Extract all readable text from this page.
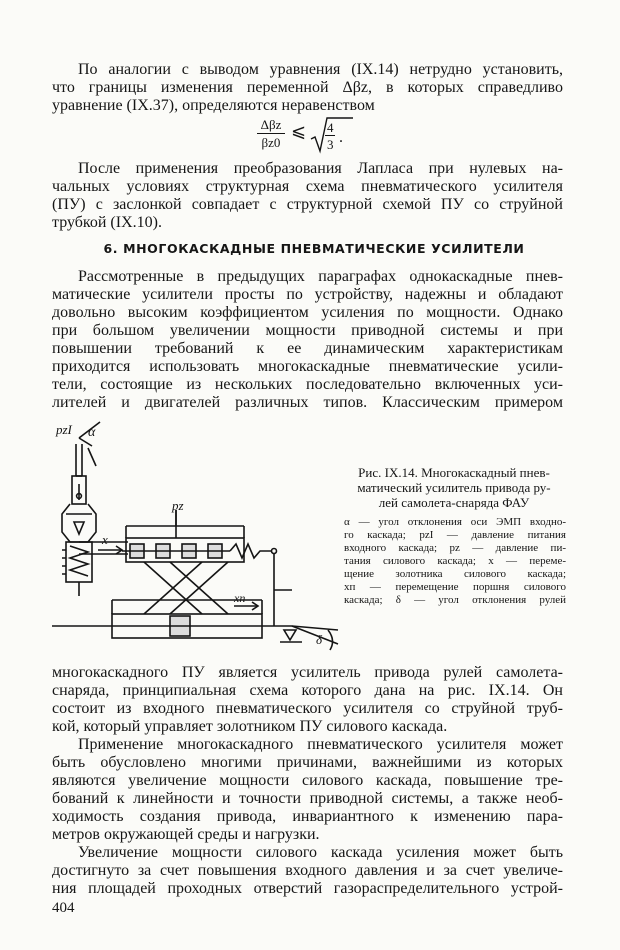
По аналогии с выводом уравнения (IX.14) нетрудно установить,
что границы изменения переменной Δβz, в которых справедливо
уравнение (IX.37), определяются неравенством
Δβz
βz0
⩽ 4
3 .
После применения преобразования Лапласа при нулевых на-
чальных условиях структурная схема пневматического усилителя
(ПУ) с заслонкой совпадает с структурной схемой ПУ со струйной
трубкой (IX.10).
6. МНОГОКАСКАДНЫЕ ПНЕВМАТИЧЕСКИЕ УСИЛИТЕЛИ
Рассмотренные в предыдущих параграфах однокаскадные пнев-
матические усилители просты по устройству, надежны и обладают
довольно высоким коэффициентом усиления по мощности. Однако
при большом увеличении мощности приводной системы и при
повышении требований к ее динамическим характеристикам
приходится использовать многокаскадные пневматические усили-
тели, состоящие из нескольких последовательно включенных уси-
лителей и двигателей различных типов. Классическим примером
pzI α
pz
x
xп
δ
Рис. IX.14. Многокаскадный пнев-
матический усилитель привода ру-
лей самолета-снаряда ФАУ
α — угол отклонения оси ЭМП входно-
го каскада; pzI — давление питания
входного каскада; pz — давление пи-
тания силового каскада; x — переме-
щение золотника силового каскада;
xп — перемещение поршня силового
каскада; δ — угол отклонения рулей
многокаскадного ПУ является усилитель привода рулей самолета-
снаряда, принципиальная схема которого дана на рис. IX.14. Он
состоит из входного пневматического усилителя со струйной труб-
кой, который управляет золотником ПУ силового каскада.
Применение многокаскадного пневматического усилителя может
быть обусловлено многими причинами, важнейшими из которых
являются увеличение мощности силового каскада, повышение тре-
бований к линейности и точности приводной системы, а также необ-
ходимость создания привода, инвариантного к изменению пара-
метров окружающей среды и нагрузки.
Увеличение мощности силового каскада усиления может быть
достигнуто за счет повышения входного давления и за счет увеличе-
ния площадей проходных отверстий газораспределительного устрой-
404
